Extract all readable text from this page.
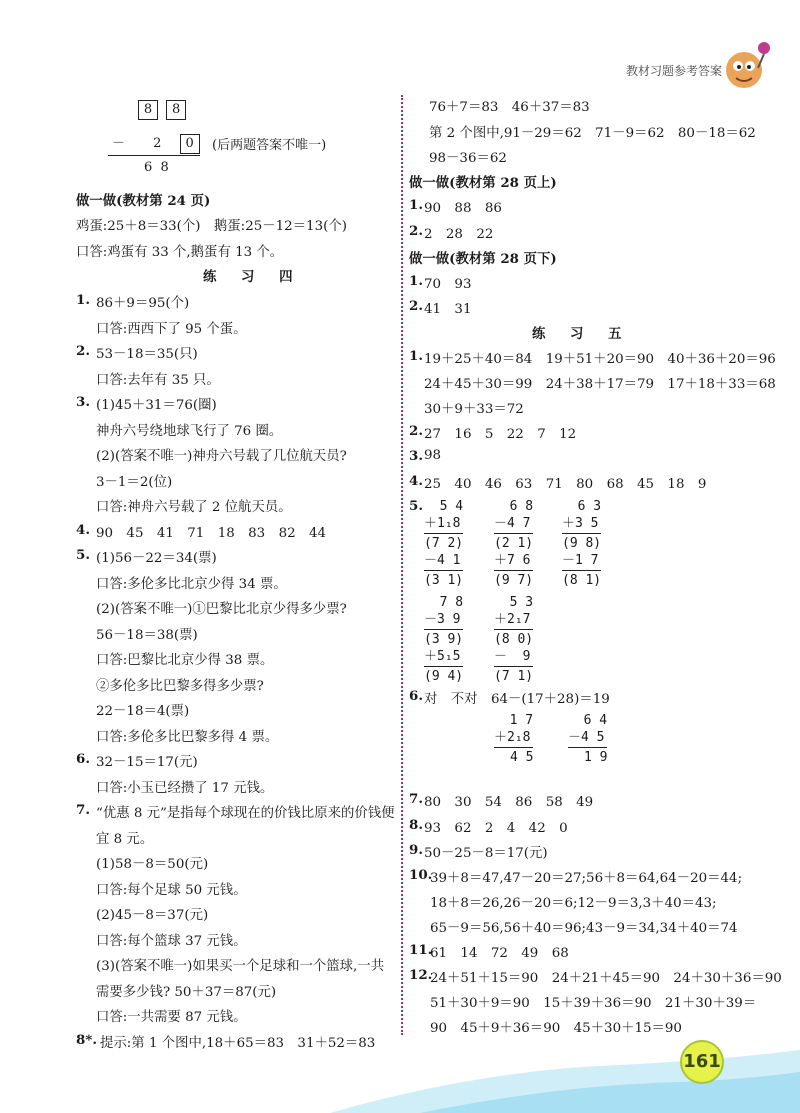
教材习题参考答案
8 8
－ 2 0
6  8
(后两题答案不唯一)
做一做(教材第 24 页)
鸡蛋:25＋8＝33(个)　鹅蛋:25－12＝13(个)
口答:鸡蛋有 33 个,鹅蛋有 13 个。
练 习 四
1. 86＋9＝95(个)
口答:西西下了 95 个蛋。
2. 53－18＝35(只)
口答:去年有 35 只。
3. (1)45＋31＝76(圈)
神舟六号绕地球飞行了 76 圈。
(2)(答案不唯一)神舟六号载了几位航天员?
3－1＝2(位)
口答:神舟六号载了 2 位航天员。
4. 90　45　41　71　18　83　82　44
5. (1)56－22＝34(票)
口答:多伦多比北京少得 34 票。
(2)(答案不唯一)①巴黎比北京少得多少票?
56－18＝38(票)
口答:巴黎比北京少得 38 票。
②多伦多比巴黎多得多少票?
22－18＝4(票)
口答:多伦多比巴黎多得 4 票。
6. 32－15＝17(元)
口答:小玉已经攒了 17 元钱。
7. “优惠 8 元”是指每个球现在的价钱比原来的价钱便
宜 8 元。
(1)58－8＝50(元)
口答:每个足球 50 元钱。
(2)45－8＝37(元)
口答:每个篮球 37 元钱。
(3)(答案不唯一)如果买一个足球和一个篮球,一共
需要多少钱? 50＋37＝87(元)
口答:一共需要 87 元钱。
8*. 提示:第 1 个图中,18＋65＝83　31＋52＝83
76＋7＝83　46＋37＝83
第 2 个图中,91－29＝62　71－9＝62　80－18＝62
98－36＝62
做一做(教材第 28 页上)
1. 90　88　86
2. 2　28　22
做一做(教材第 28 页下)
1. 70　93
2. 41　31
练 习 五
1. 19＋25＋40＝84　19＋51＋20＝90　40＋36＋20＝96
24＋45＋30＝99　24＋38＋17＝79　17＋18＋33＝68
30＋9＋33＝72
2. 27　16　5　22　7　12
3. 98
4. 25　40　46　63　71　80　68　45　18　9
5. 5 4
＋1₁8
(7 2)
－4 1
(3 1)
6 8
－4 7
(2 1)
＋7 6
(9 7)
6 3
＋3 5
(9 8)
－1 7
(8 1)
7 8
－3 9
(3 9)
＋5₁5
(9 4)
5 3
＋2₁7
(8 0)
－  9
(7 1)
6. 对　不对　64－(17＋28)＝19
1 7
＋2₁8
4 5
6 4
－4 5
1 9
7. 80　30　54　86　58　49
8. 93　62　2　4　42　0
9. 50－25－8＝17(元)
10.
39＋8＝47,47－20＝27;56＋8＝64,64－20＝44;
18＋8＝26,26－20＝6;12－9＝3,3＋40＝43;
65－9＝56,56＋40＝96;43－9＝34,34＋40＝74
11.
61　14　72　49　68
12.
24＋51＋15＝90　24＋21＋45＝90　24＋30＋36＝90
51＋30＋9＝90　15＋39＋36＝90　21＋30＋39＝
90　45＋9＋36＝90　45＋30＋15＝90
161
